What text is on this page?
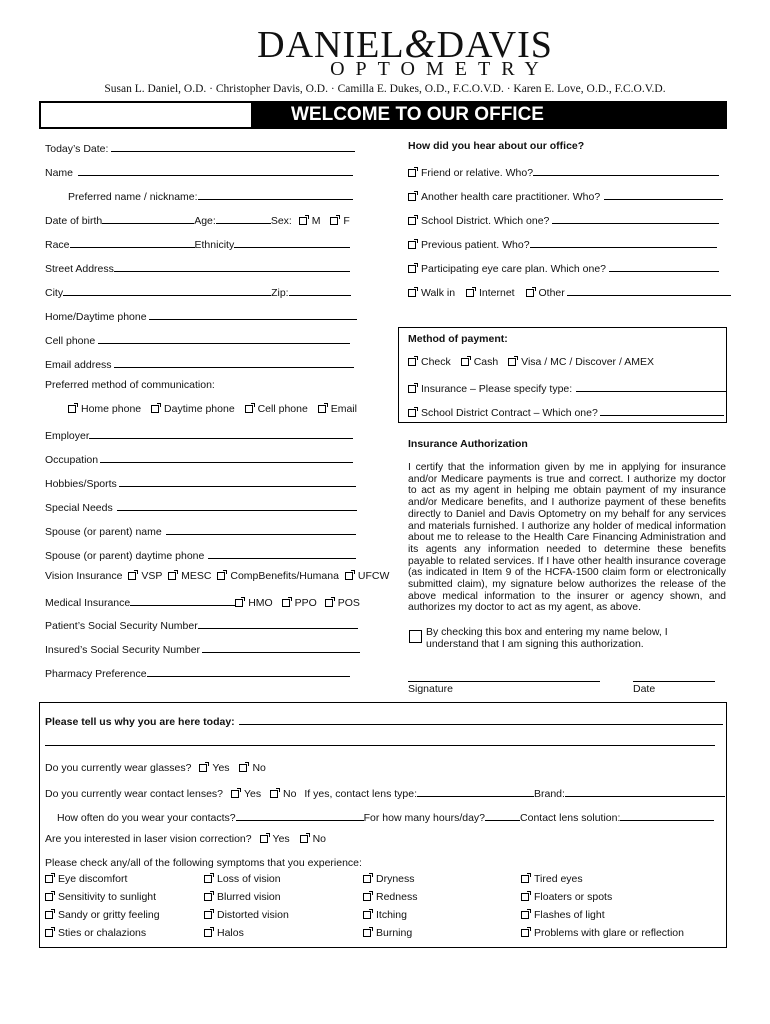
DANIEL&DAVIS
OPTOMETRY
Susan L. Daniel, O.D. · Christopher Davis, O.D. · Camilla E. Dukes, O.D., F.C.O.V.D. · Karen E. Love, O.D., F.C.O.V.D.
WELCOME TO OUR OFFICE
Today’s Date:
Name
Preferred name / nickname:
Date of birth	Age:	Sex: M F
Race	Ethnicity
Street Address
City	Zip:
Home/Daytime phone
Cell phone
Email address
Preferred method of communication:
Home phone Daytime phone Cell phone Email
Employer
Occupation
Hobbies/Sports
Special Needs
Spouse (or parent) name
Spouse (or parent) daytime phone
Vision Insurance VSP MESC CompBenefits/Humana UFCW
Medical Insurance	HMO PPO POS
Patient’s Social Security Number
Insured’s Social Security Number
Pharmacy Preference
How did you hear about our office?
Friend or relative. Who?
Another health care practitioner. Who?
School District. Which one?
Previous patient. Who?
Participating eye care plan. Which one?
Walk in Internet Other
Method of payment:
Check Cash Visa / MC / Discover / AMEX
Insurance – Please specify type:
School District Contract – Which one?
Insurance Authorization
I certify that the information given by me in applying for insurance and/or Medicare payments is true and correct. I authorize my doctor to act as my agent in helping me obtain payment of my insurance and/or Medicare benefits, and I authorize payment of these benefits directly to Daniel and Davis Optometry on my behalf for any services and materials furnished. I authorize any holder of medical information about me to release to the Health Care Financing Administration and its agents any information needed to determine these benefits payable to related services. If I have other health insurance coverage (as indicated in Item 9 of the HCFA-1500 claim form or electronically submitted claim), my signature below authorizes the release of the above medical information to the insurer or agency shown, and authorizes my doctor to act as my agent, as above.
By checking this box and entering my name below, I
understand that I am signing this authorization.
Signature	Date
Please tell us why you are here today:
Do you currently wear glasses? Yes No
Do you currently wear contact lenses? Yes No If yes, contact lens type:	Brand:
How often do you wear your contacts?	For how many hours/day?	Contact lens solution:
Are you interested in laser vision correction? Yes No
Please check any/all of the following symptoms that you experience:
Eye discomfort	Loss of vision	Dryness	Tired eyes
Sensitivity to sunlight	Blurred vision	Redness	Floaters or spots
Sandy or gritty feeling	Distorted vision	Itching	Flashes of light
Sties or chalazions	Halos	Burning	Problems with glare or reflection
